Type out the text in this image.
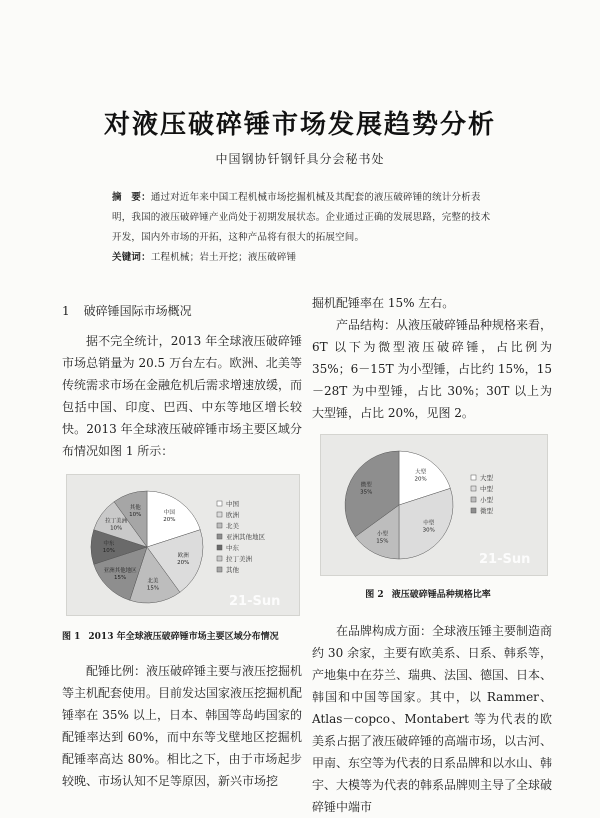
对液压破碎锤市场发展趋势分析
中国钢协钎钢钎具分会秘书处
摘　要：通过对近年来中国工程机械市场挖掘机械及其配套的液压破碎锤的统计分析表明，我国的液压破碎锤产业尚处于初期发展状态。企业通过正确的发展思路，完整的技术开发，国内外市场的开拓，这种产品将有很大的拓展空间。
关键词：工程机械；岩土开挖；液压破碎锤
1 破碎锤国际市场概况

据不完全统计，2013 年全球液压破碎锤市场总销量为 20.5 万台左右。欧洲、北美等传统需求市场在金融危机后需求增速放缓，而包括中国、印度、巴西、中东等地区增长较快。2013 年全球液压破碎锤市场主要区域分布情况如图 1 所示：

中国 20%
欧洲 20%
北美 15%
亚洲其他地区 15%
中东 10%
拉丁美洲 10%
其他 10%
中国
欧洲
北美
亚洲其他地区
中东
拉丁美洲
其他
21-Sun
图 1 2013 年全球液压破碎锤市场主要区域分布情况

配锤比例：液压破碎锤主要与液压挖掘机等主机配套使用。目前发达国家液压挖掘机配锤率在 35% 以上，日本、韩国等岛屿国家的配锤率达到 60%，而中东等戈壁地区挖掘机配锤率高达 80%。相比之下，由于市场起步较晚、市场认知不足等原因，新兴市场挖

掘机配锤率在 15% 左右。

产品结构：从液压破碎锤品种规格来看，6T 以下为微型液压破碎锤，占比例为 35%；6－15T 为小型锤，占比约 15%，15－28T 为中型锤，占比 30%；30T 以上为大型锤，占比 20%，见图 2。

大型 20%
中型 30%
小型 15%
微型 35%
大型
中型
小型
微型
21-Sun
图 2 液压破碎锤品种规格比率

在品牌构成方面：全球液压锤主要制造商约 30 余家，主要有欧美系、日系、韩系等，产地集中在芬兰、瑞典、法国、德国、日本、韩国和中国等国家。其中，以 Rammer、Atlas－copco、Montabert 等为代表的欧美系占据了液压破碎锤的高端市场，以古河、甲南、东空等为代表的日系品牌和以水山、韩宇、大模等为代表的韩系品牌则主导了全球破碎锤中端市
